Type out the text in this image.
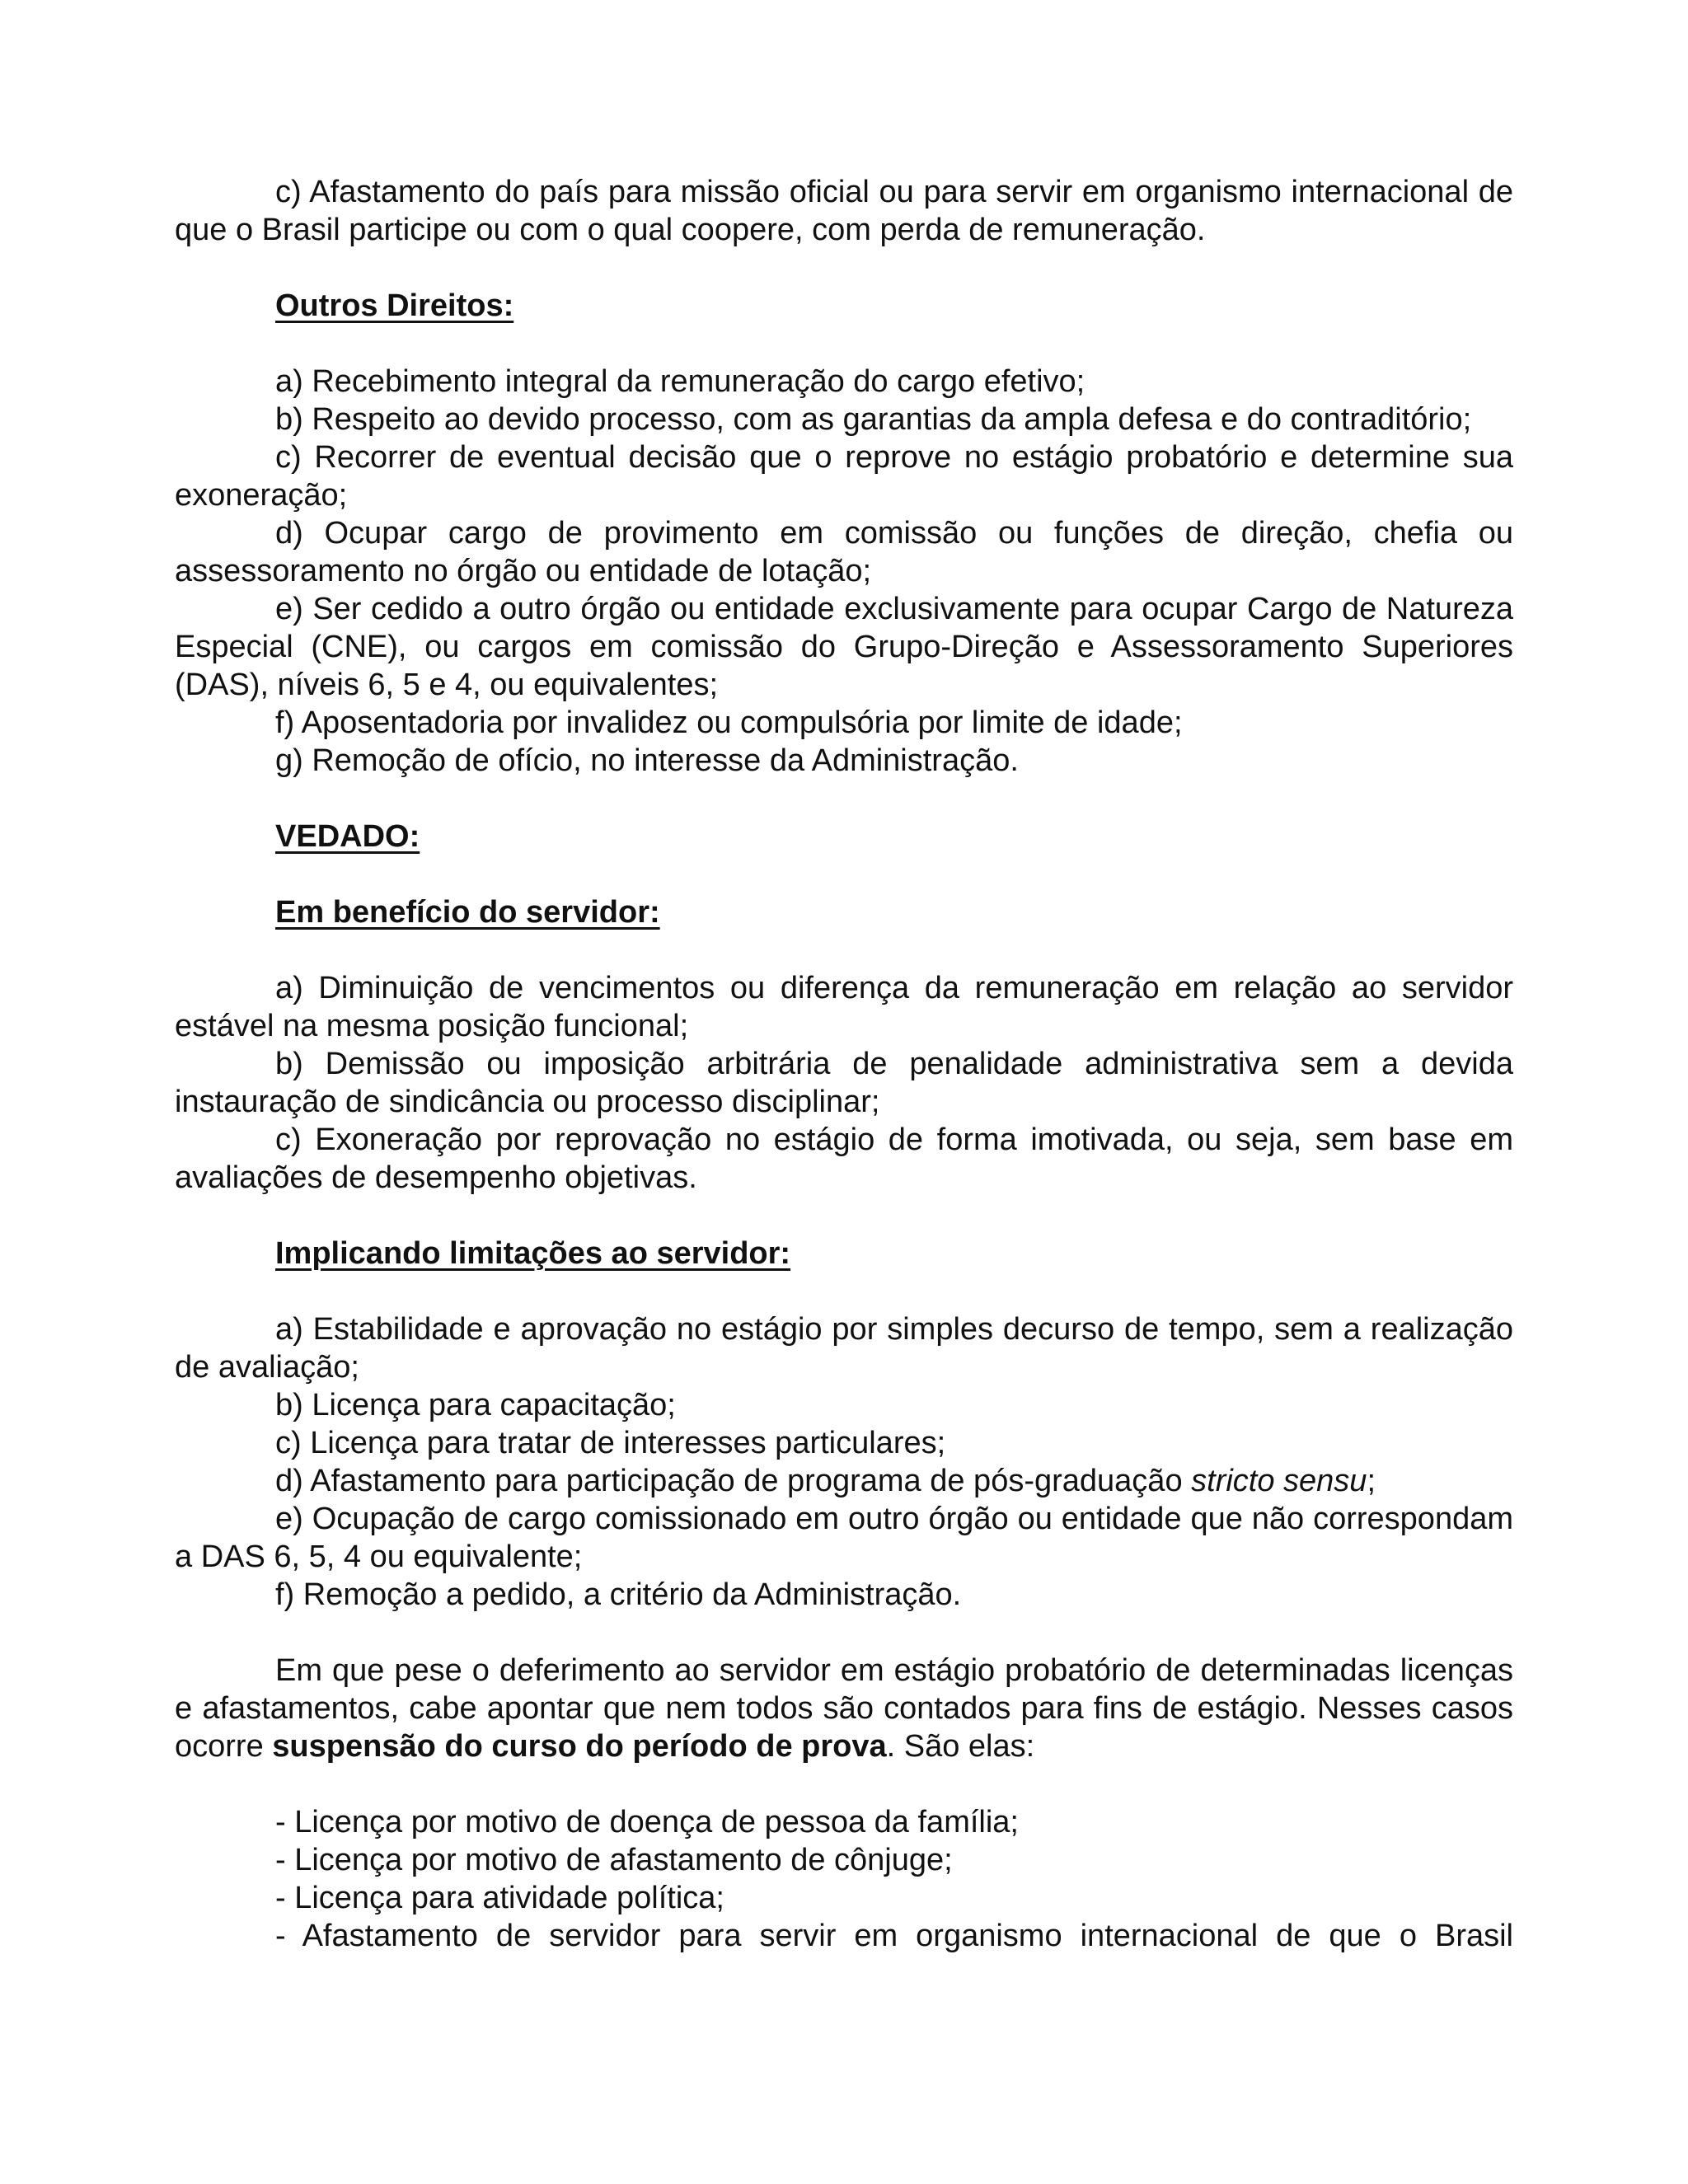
c) Afastamento do país para missão oficial ou para servir em organismo internacional de que o Brasil participe ou com o qual coopere, com perda de remuneração.

Outros Direitos:

a) Recebimento integral da remuneração do cargo efetivo;

b) Respeito ao devido processo, com as garantias da ampla defesa e do contraditório;

c) Recorrer de eventual decisão que o reprove no estágio probatório e determine sua exoneração;

d) Ocupar cargo de provimento em comissão ou funções de direção, chefia ou assessoramento no órgão ou entidade de lotação;

e) Ser cedido a outro órgão ou entidade exclusivamente para ocupar Cargo de Natureza Especial (CNE), ou cargos em comissão do Grupo-Direção e Assessoramento Superiores (DAS), níveis 6, 5 e 4, ou equivalentes;

f) Aposentadoria por invalidez ou compulsória por limite de idade;

g) Remoção de ofício, no interesse da Administração.

VEDADO:
Em benefício do servidor:

a) Diminuição de vencimentos ou diferença da remuneração em relação ao servidor estável na mesma posição funcional;

b) Demissão ou imposição arbitrária de penalidade administrativa sem a devida instauração de sindicância ou processo disciplinar;

c) Exoneração por reprovação no estágio de forma imotivada, ou seja, sem base em avaliações de desempenho objetivas.

Implicando limitações ao servidor:

a) Estabilidade e aprovação no estágio por simples decurso de tempo, sem a realização de avaliação;

b) Licença para capacitação;

c) Licença para tratar de interesses particulares;

d) Afastamento para participação de programa de pós-graduação stricto sensu;

e) Ocupação de cargo comissionado em outro órgão ou entidade que não correspondam a DAS 6, 5, 4 ou equivalente;

f) Remoção a pedido, a critério da Administração.

Em que pese o deferimento ao servidor em estágio probatório de determinadas licenças e afastamentos, cabe apontar que nem todos são contados para fins de estágio. Nesses casos ocorre suspensão do curso do período de prova. São elas:

- Licença por motivo de doença de pessoa da família;

- Licença por motivo de afastamento de cônjuge;

- Licença para atividade política;

- Afastamento de servidor para servir em organismo internacional de que o Brasil
